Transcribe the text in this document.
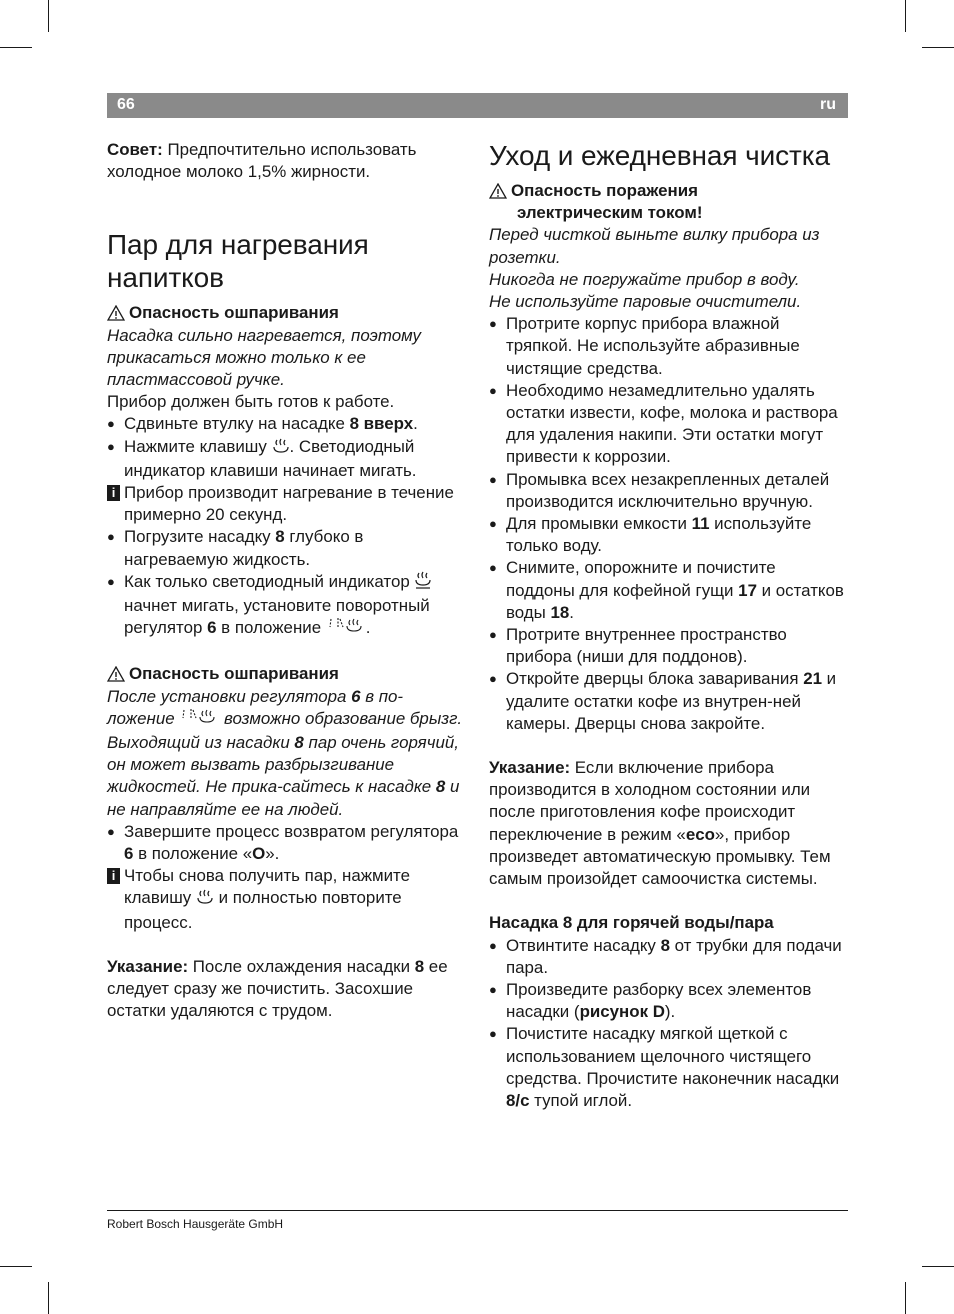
66	ru

Совет: Предпочтительно использовать холодное молоко 1,5% жирности.

Пар для нагревания напитков
Опасность ошпаривания

Насадка сильно нагревается, поэтому прикасаться можно только к ее пластмассовой ручке.

Прибор должен быть готов к работе.

● Сдвиньте втулку на насадке 8 вверх.
● Нажмите клавишу . Светодиодный индикатор клавиши начинает мигать.
i Прибор производит нагревание в течение примерно 20 секунд.
● Погрузите насадку 8 глубоко в нагреваемую жидкость.
● Как только светодиодный индикатор  начнет мигать, установите поворотный регулятор 6 в положение .
Опасность ошпаривания

После установки регулятора 6 в по-ложение  возможно образование брызг. Выходящий из насадки 8 пар очень горячий, он может вызвать разбрызгивание жидкостей. Не прика-сайтесь к насадке 8 и не направляйте ее на людей.

● Завершите процесс возвратом регулятора 6 в положение «O».
i Чтобы снова получить пар, нажмите клавишу  и полностью повторите процесс.

Указание: После охлаждения насадки 8 ее следует сразу же почистить. Засохшие остатки удаляются с трудом.

Уход и ежедневная чистка
Опасность поражения

электрическим током!

Перед чисткой выньте вилку прибора из розетки.

Никогда не погружайте прибор в воду.

Не используйте паровые очистители.

● Протрите корпус прибора влажной тряпкой. Не используйте абразивные чистящие средства.
● Необходимо незамедлительно удалять остатки извести, кофе, молока и раствора для удаления накипи. Эти остатки могут привести к коррозии.
● Промывка всех незакрепленных деталей производится исключительно вручную.
● Для промывки емкости 11 используйте только воду.
● Снимите, опорожните и почистите поддоны для кофейной гущи 17 и остатков воды 18.
● Протрите внутреннее пространство прибора (ниши для поддонов).
● Откройте дверцы блока заваривания 21 и удалите остатки кофе из внутрен-ней камеры. Дверцы снова закройте.

Указание: Если включение прибора производится в холодном состоянии или после приготовления кофе происходит переключение в режим «eco», прибор произведет автоматическую промывку. Тем самым произойдет самоочистка системы.

Насадка 8 для горячей воды/пара

● Отвинтите насадку 8 от трубки для подачи пара.
● Произведите разборку всех элементов насадки (рисунок D).
● Почистите насадку мягкой щеткой с использованием щелочного чистящего средства. Прочистите наконечник насадки 8/c тупой иглой.
Robert Bosch Hausgeräte GmbH
